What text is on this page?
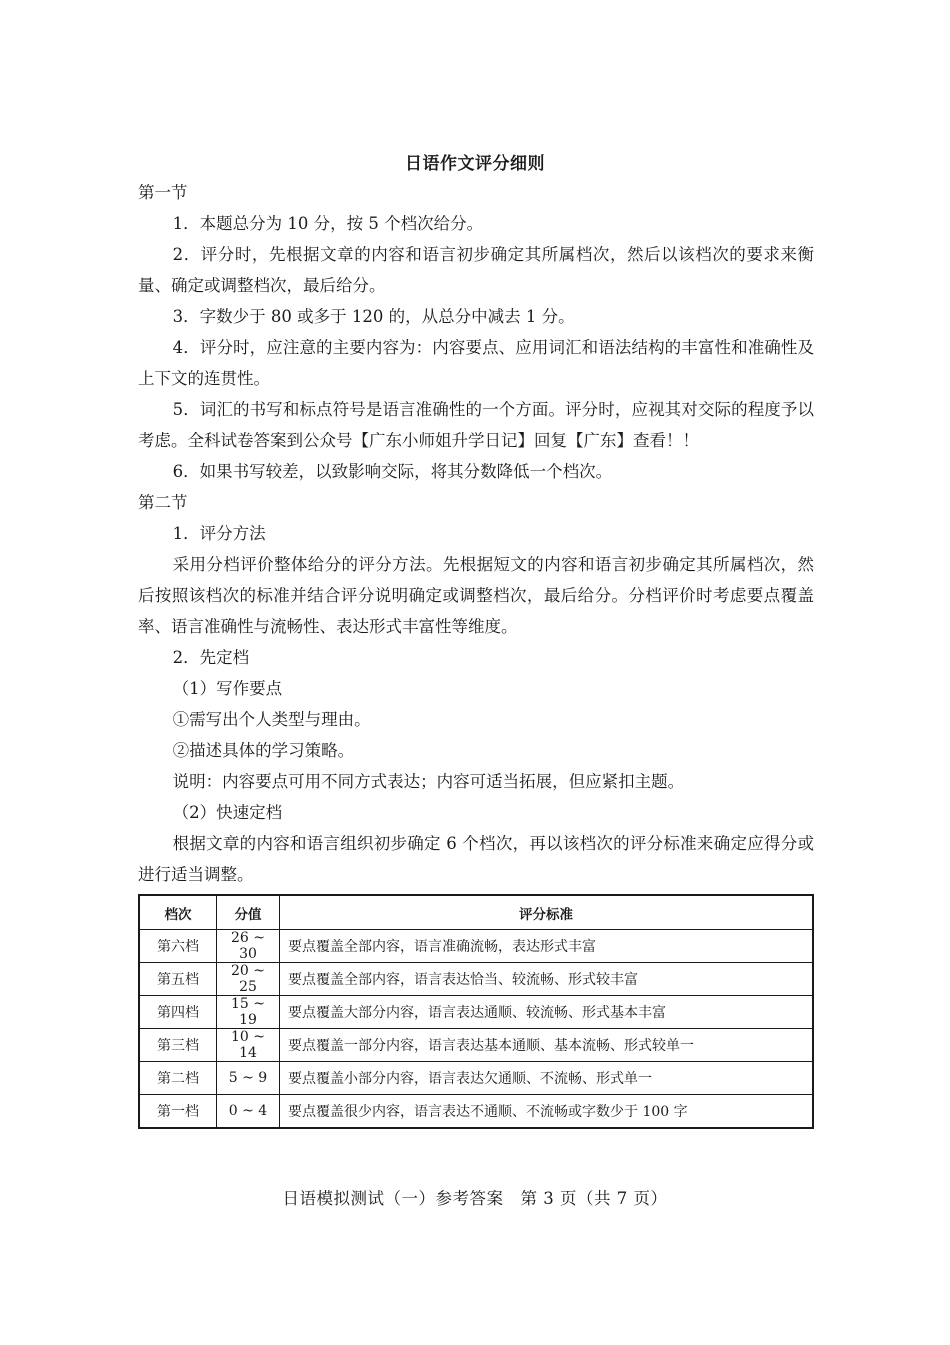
日语作文评分细则

第一节

1．本题总分为 10 分，按 5 个档次给分。

2．评分时，先根据文章的内容和语言初步确定其所属档次，然后以该档次的要求来衡量、确定或调整档次，最后给分。

3．字数少于 80 或多于 120 的，从总分中减去 1 分。

4．评分时，应注意的主要内容为：内容要点、应用词汇和语法结构的丰富性和准确性及上下文的连贯性。

5．词汇的书写和标点符号是语言准确性的一个方面。评分时，应视其对交际的程度予以考虑。全科试卷答案到公众号【广东小师姐升学日记】回复【广东】查看！！

6．如果书写较差，以致影响交际，将其分数降低一个档次。

第二节

1．评分方法

采用分档评价整体给分的评分方法。先根据短文的内容和语言初步确定其所属档次，然后按照该档次的标准并结合评分说明确定或调整档次，最后给分。分档评价时考虑要点覆盖率、语言准确性与流畅性、表达形式丰富性等维度。

2．先定档

（1）写作要点

①需写出个人类型与理由。

②描述具体的学习策略。

说明：内容要点可用不同方式表达；内容可适当拓展，但应紧扣主题。

（2）快速定档

根据文章的内容和语言组织初步确定 6 个档次，再以该档次的评分标准来确定应得分或进行适当调整。

档次	分值	评分标准
第六档	26 ~ 30	要点覆盖全部内容，语言准确流畅，表达形式丰富
第五档	20 ~ 25	要点覆盖全部内容，语言表达恰当、较流畅、形式较丰富
第四档	15 ~ 19	要点覆盖大部分内容，语言表达通顺、较流畅、形式基本丰富
第三档	10 ~ 14	要点覆盖一部分内容，语言表达基本通顺、基本流畅、形式较单一
第二档	5 ~ 9	要点覆盖小部分内容，语言表达欠通顺、不流畅、形式单一
第一档	0 ~ 4	要点覆盖很少内容，语言表达不通顺、不流畅或字数少于 100 字
日语模拟测试（一）参考答案　第 3 页（共 7 页）
